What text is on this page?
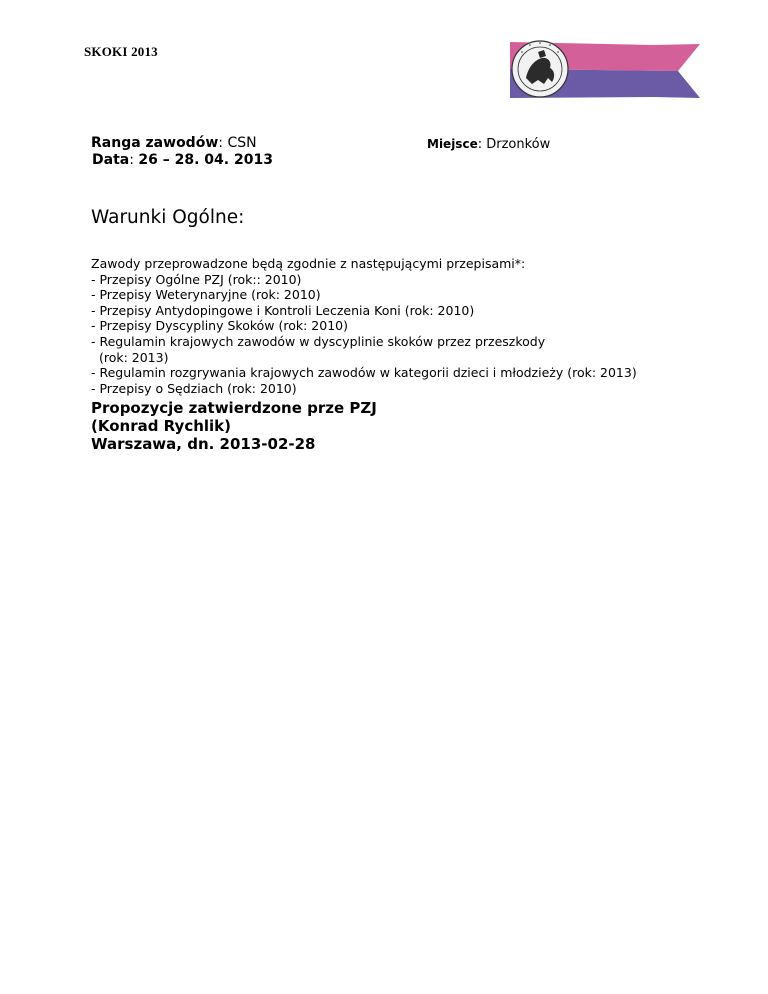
SKOKI 2013
Ranga zawodów: CSN
Data: 26 – 28. 04. 2013
Miejsce: Drzonków
Warunki Ogólne:
Zawody przeprowadzone będą zgodnie z następującymi przepisami*:
- Przepisy Ogólne PZJ (rok:: 2010)
- Przepisy Weterynaryjne (rok: 2010)
- Przepisy Antydopingowe i Kontroli Leczenia Koni (rok: 2010)
- Przepisy Dyscypliny Skoków (rok: 2010)
- Regulamin krajowych zawodów w dyscyplinie skoków przez przeszkody
(rok: 2013)
- Regulamin rozgrywania krajowych zawodów w kategorii dzieci i młodzieży (rok: 2013)
- Przepisy o Sędziach (rok: 2010)
Propozycje zatwierdzone prze PZJ
(Konrad Rychlik)
Warszawa, dn. 2013-02-28
